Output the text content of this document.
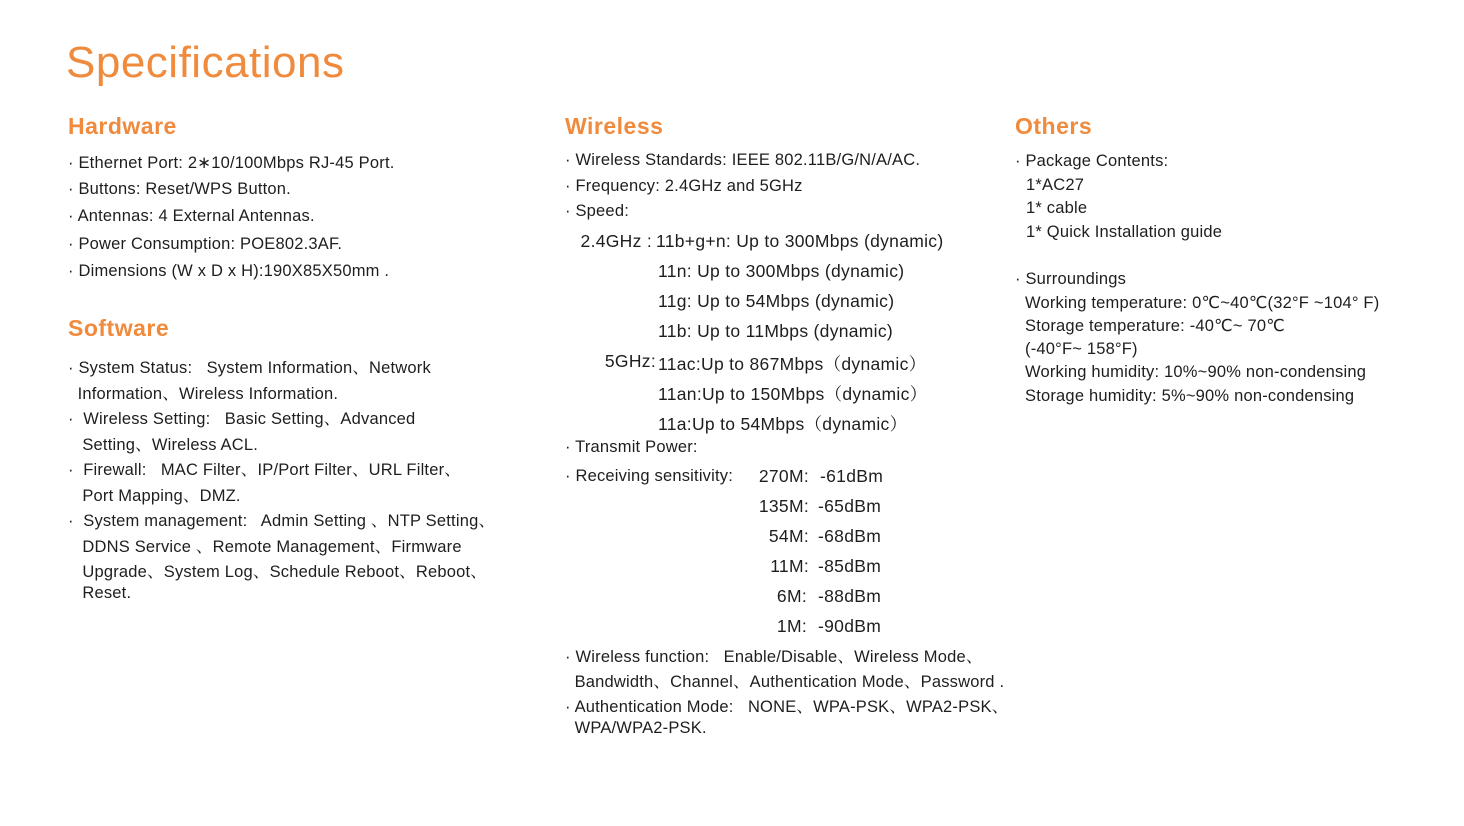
Specifications
Hardware
· Ethernet Port: 2∗10/100Mbps RJ-45 Port.
· Buttons: Reset/WPS Button.
· Antennas: 4 External Antennas.
· Power Consumption: POE802.3AF.
· Dimensions (W x D x H):190X85X50mm .
Software
· System Status:   System Information、Network
Information、Wireless Information.
·  Wireless Setting:   Basic Setting、Advanced
Setting、Wireless ACL.
·  Firewall:   MAC Filter、IP/Port Filter、URL Filter、
Port Mapping、DMZ.
·  System management:   Admin Setting 、NTP Setting、
DDNS Service 、Remote Management、Firmware
Upgrade、System Log、Schedule Reboot、Reboot、
Reset.
Wireless
· Wireless Standards: IEEE 802.11B/G/N/A/AC.
· Frequency: 2.4GHz and 5GHz
· Speed:
2.4GHz : 11b+g+n: Up to 300Mbps (dynamic)
11n: Up to 300Mbps (dynamic)
11g: Up to 54Mbps (dynamic)
11b: Up to 11Mbps (dynamic)
5GHz: 11ac:Up to 867Mbps（dynamic）
11an:Up to 150Mbps（dynamic）
11a:Up to 54Mbps（dynamic）
· Transmit Power:
· Receiving sensitivity:	270M: -61dBm
135M: -65dBm
54M: -68dBm
11M: -85dBm
6M: -88dBm
1M: -90dBm
· Wireless function:   Enable/Disable、Wireless Mode、
Bandwidth、Channel、Authentication Mode、Password .
· Authentication Mode:   NONE、WPA-PSK、WPA2-PSK、
WPA/WPA2-PSK.
Others
· Package Contents:
1*AC27
1* cable
1* Quick Installation guide
· Surroundings
Working temperature: 0℃~40℃(32°F ~104° F)
Storage temperature: -40℃~ 70℃
(-40°F~ 158°F)
Working humidity: 10%~90% non-condensing
Storage humidity: 5%~90% non-condensing
